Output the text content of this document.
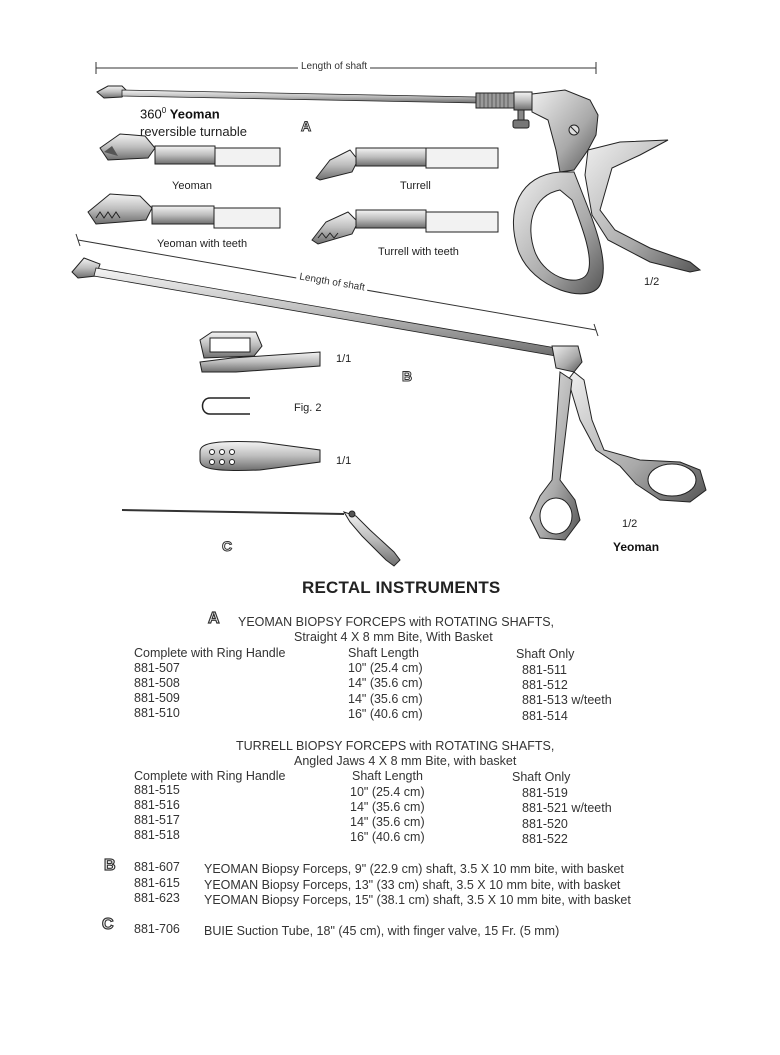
Length of shaft
$360^0$ Yeoman
reversible turnable	A
Yeoman	Turrell
Yeoman with teeth
Turrell with teeth
1/2
Length of shaft
1/1
B
Fig. 2
1/1
1/2
Yeoman
C
RECTAL INSTRUMENTS
A YEOMAN BIOPSY FORCEPS with ROTATING SHAFTS,
Straight 4 X 8 mm Bite, With Basket
Complete with Ring Handle	Shaft Length	Shaft Only
881-507	10" (25.4 cm)	881-511
881-508	14" (35.6 cm)	881-512
881-509	14" (35.6 cm)	881-513 w/teeth
881-510	16" (40.6 cm)	881-514
TURRELL BIOPSY FORCEPS with ROTATING SHAFTS,
Angled Jaws 4 X 8 mm Bite, with basket
Complete with Ring Handle	Shaft Length	Shaft Only
881-515	10" (25.4 cm)	881-519
881-516	14" (35.6 cm)	881-521 w/teeth
881-517	14" (35.6 cm)	881-520
881-518	16" (40.6 cm)	881-522
B 881-607 YEOMAN Biopsy Forceps, 9" (22.9 cm) shaft, 3.5 X 10 mm bite, with basket
881-615 YEOMAN Biopsy Forceps, 13" (33 cm) shaft, 3.5 X 10 mm bite, with basket
881-623 YEOMAN Biopsy Forceps, 15" (38.1 cm) shaft, 3.5 X 10 mm bite, with basket
C 881-706 BUIE Suction Tube, 18" (45 cm), with finger valve, 15 Fr. (5 mm)
